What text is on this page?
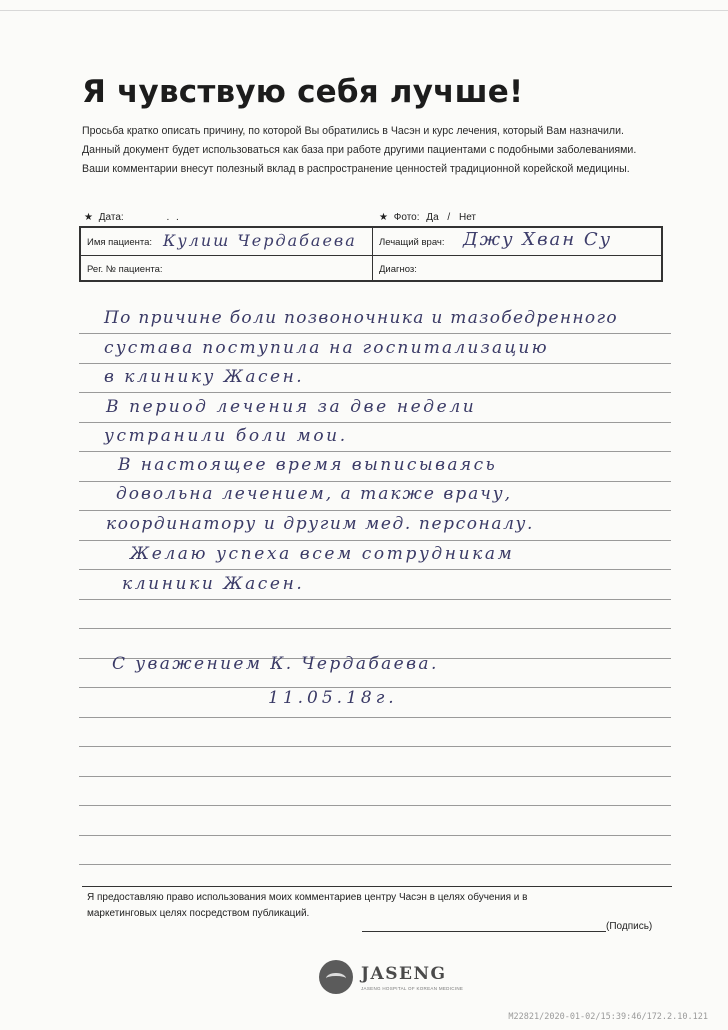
Я чувствую себя лучше!
Просьба кратко описать причину, по которой Вы обратились в Часэн и курс лечения, который Вам назначили.
Данный документ будет использоваться как база при работе другими пациентами с подобными заболеваниями.
Ваши комментарии внесут полезный вклад в распространение ценностей традиционной корейской медицины.
★ Дата:	. .	★ Фото: Да / Нет
Имя пациента: Кулиш Чердабаева Лечащий врач: Джу Хван Су
Рег. № пациента:	Диагноз:
По причине боли позвоночника и тазобедренного
сустава поступила на госпитализацию
в клинику Жасен.
В период лечения за две недели
устранили боли мои.
В настоящее время выписываясь
довольна лечением, а также врачу,
координатору и другим мед. персоналу.
Желаю успеха всем сотрудникам
клиники Жасен.
С уважением К. Чердабаева.
11.05.18г.
Я предоставляю право использования моих комментариев центру Часэн в целях обучения и в
маркетинговых целях посредством публикаций.
(Подпись)
JASENG
JASENG HOSPITAL OF KOREAN MEDICINE
M22821/2020-01-02/15:39:46/172.2.10.121
